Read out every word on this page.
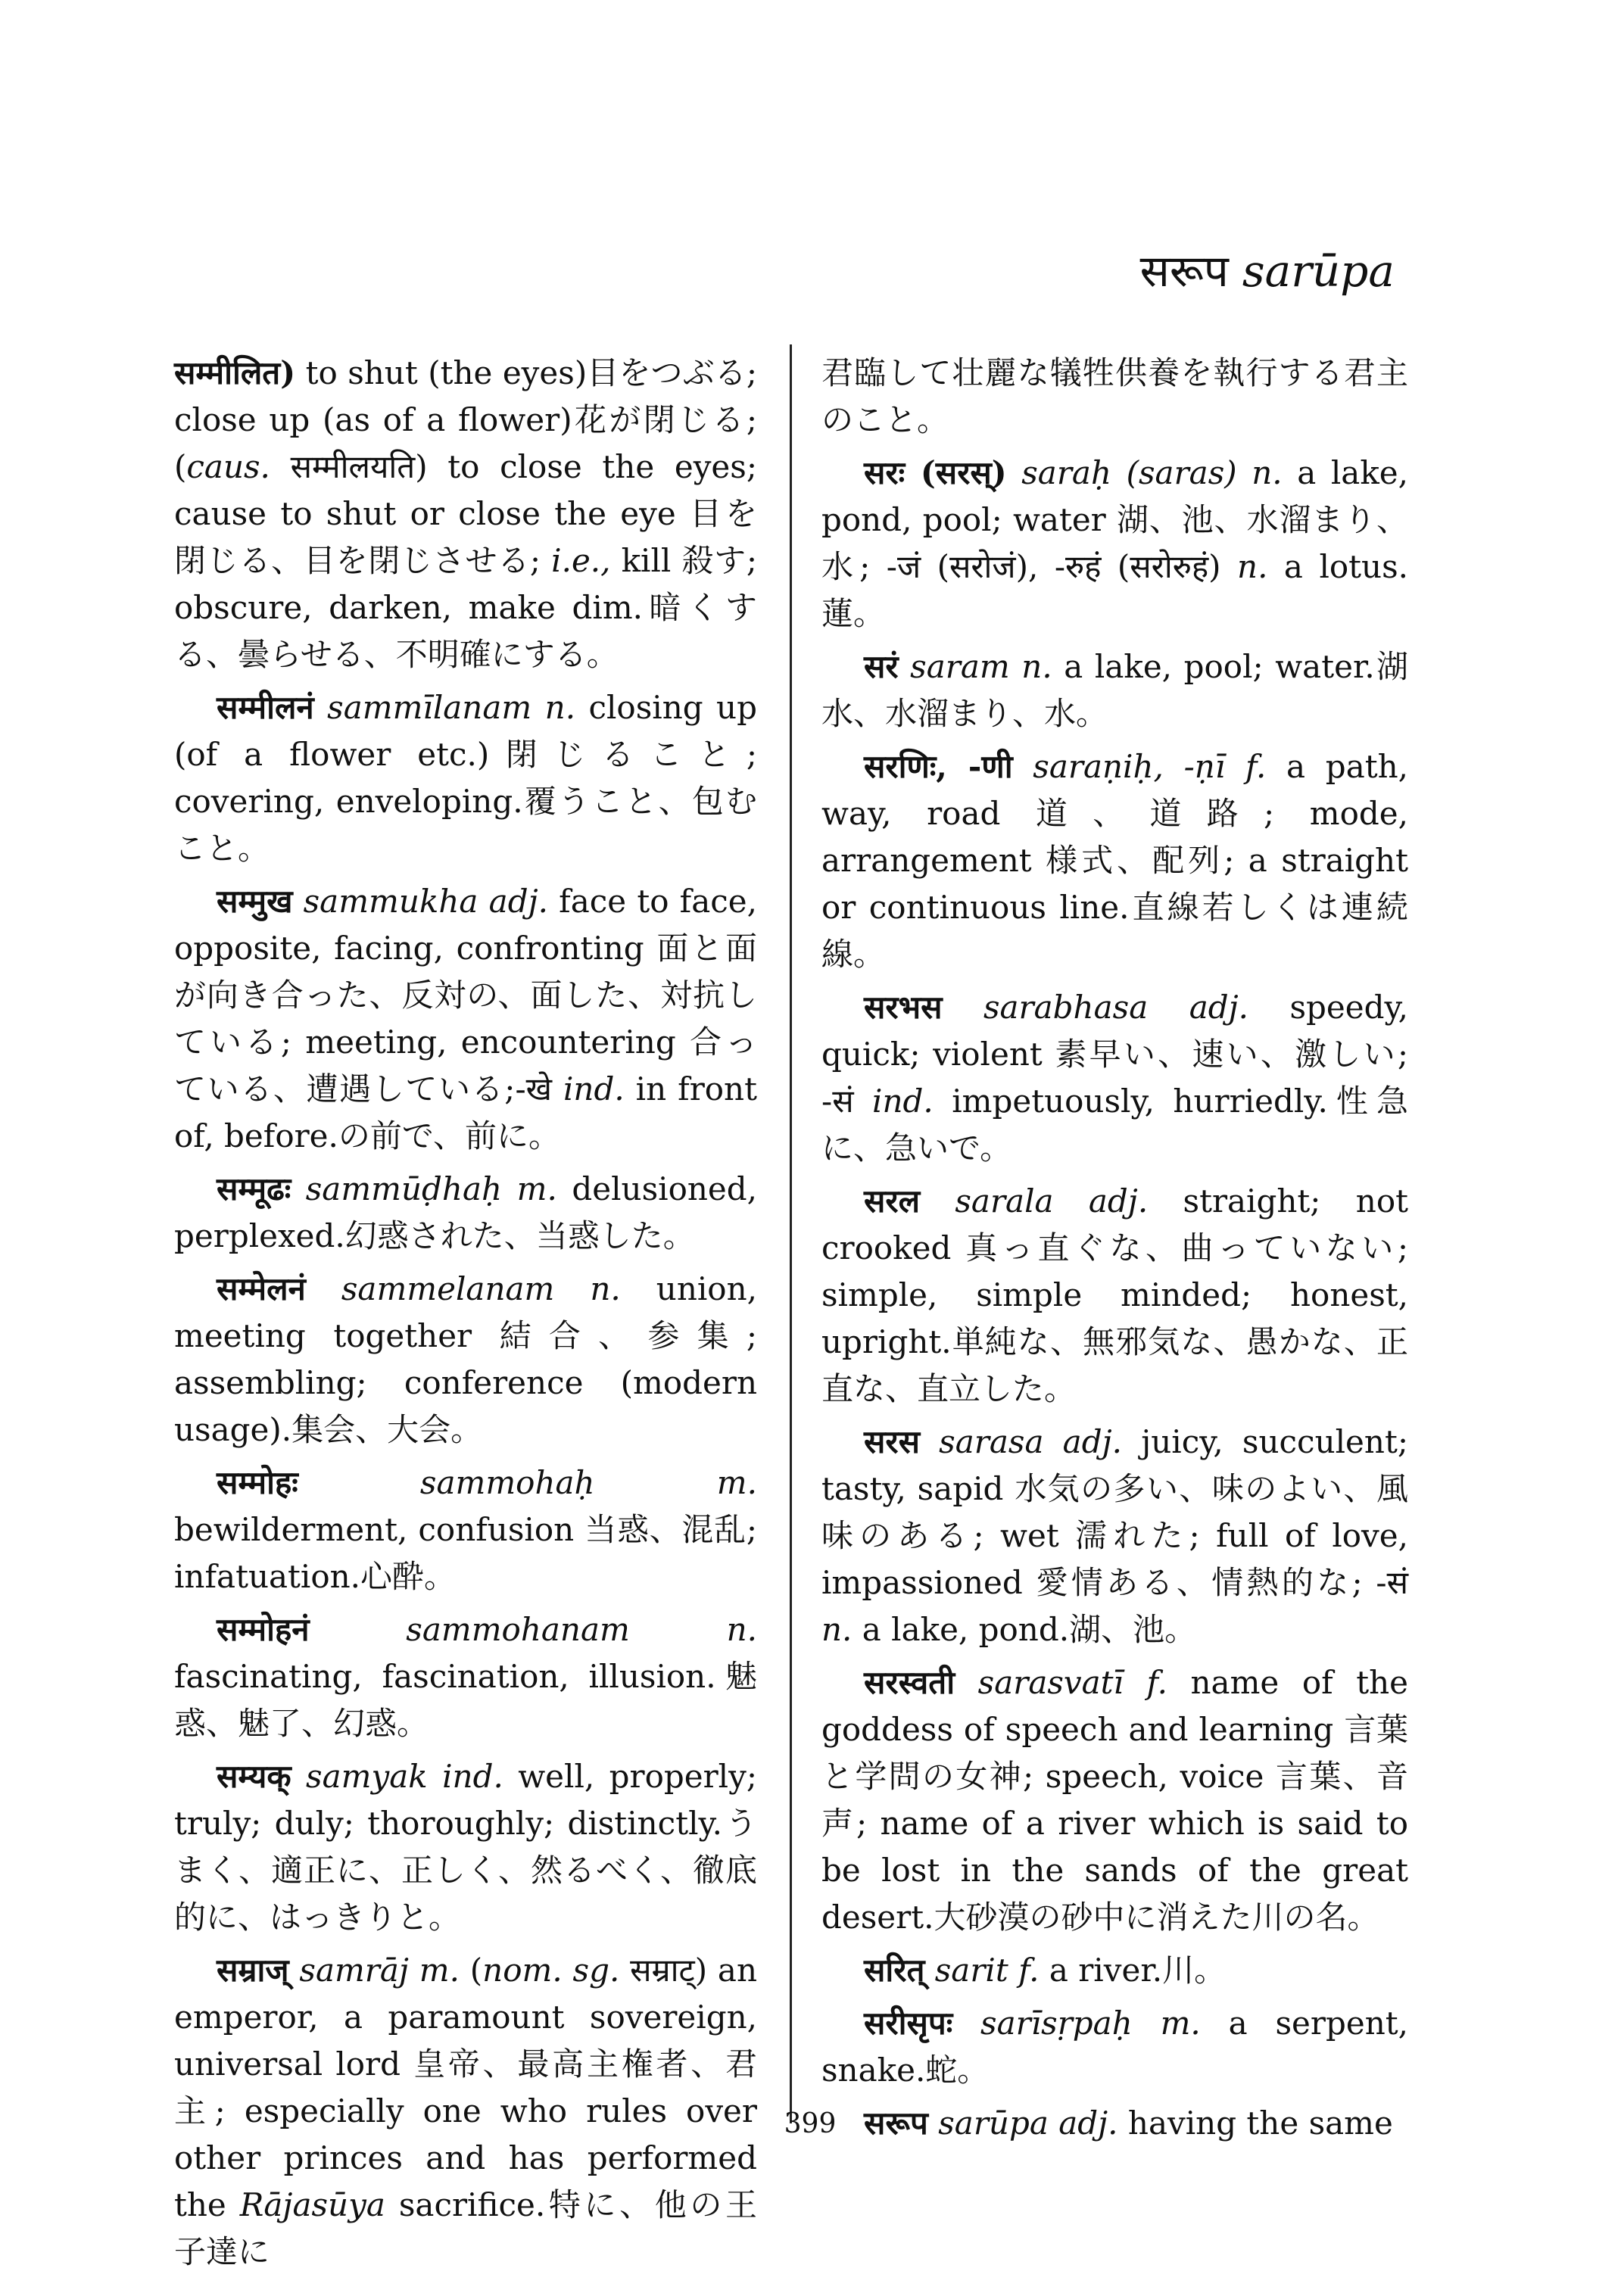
सरूप sarūpa

सम्मीलित) to shut (the eyes)目をつぶる; close up (as of a flower)花が閉じる; (caus. सम्मीलयति) to close the eyes; cause to shut or close the eye 目を閉じる、目を閉じさせる; i.e., kill 殺す; obscure, darken, make dim.暗くする、曇らせる、不明確にする。

सम्मीलनं sammīlanam n. closing up (of a flower etc.)閉じること; covering, enveloping.覆うこと、包むこと。

सम्मुख sammukha adj. face to face, opposite, facing, confronting 面と面が向き合った、反対の、面した、対抗している; meeting, encountering 合っている、遭遇している;-खे ind. in front of, before.の前で、前に。

सम्मूढः sammūḍhaḥ m. delusioned, perplexed.幻惑された、当惑した。

सम्मेलनं sammelanam n. union, meeting together 結合、参集; assembling; conference (modern usage).集会、大会。

सम्मोहः sammohaḥ m. bewilderment, confusion 当惑、混乱; infatuation.心酔。

सम्मोहनं sammohanam n. fascinating, fascination, illusion.魅惑、魅了、幻惑。

सम्यक् samyak ind. well, properly; truly; duly; thoroughly; distinctly.うまく、適正に、正しく、然るべく、徹底的に、はっきりと。

सम्राज् samrāj m. (nom. sg. सम्राट्) an emperor, a paramount sovereign, universal lord 皇帝、最高主権者、君主; especially one who rules over other princes and has performed the Rājasūya sacrifice.特に、他の王子達に

君臨して壮麗な犠牲供養を執行する君主のこと。

सरः (सरस्) saraḥ (saras) n. a lake, pond, pool; water 湖、池、水溜まり、水; -जं (सरोजं), -रुहं (सरोरुहं) n. a lotus.蓮。

सरं saram n. a lake, pool; water.湖水、水溜まり、水。

सरणिः, -णी saraṇiḥ, -ṇī f. a path, way, road 道、道路; mode, arrangement 様式、配列; a straight or continuous line.直線若しくは連続線。

सरभस sarabhasa adj. speedy, quick; violent 素早い、速い、激しい; -सं ind. impetuously, hurriedly.性急に、急いで。

सरल sarala adj. straight; not crooked 真っ直ぐな、曲っていない; simple, simple minded; honest, upright.単純な、無邪気な、愚かな、正直な、直立した。

सरस sarasa adj. juicy, succulent; tasty, sapid 水気の多い、味のよい、風味のある; wet 濡れた; full of love, impassioned 愛情ある、情熱的な; -सं n. a lake, pond.湖、池。

सरस्वती sarasvatī f. name of the goddess of speech and learning 言葉と学問の女神; speech, voice 言葉、音声; name of a river which is said to be lost in the sands of the great desert.大砂漠の砂中に消えた川の名。

सरित् sarit f. a river.川。

सरीसृपः sarīsṛpaḥ m. a serpent, snake.蛇。

सरूप sarūpa adj. having the same

399
